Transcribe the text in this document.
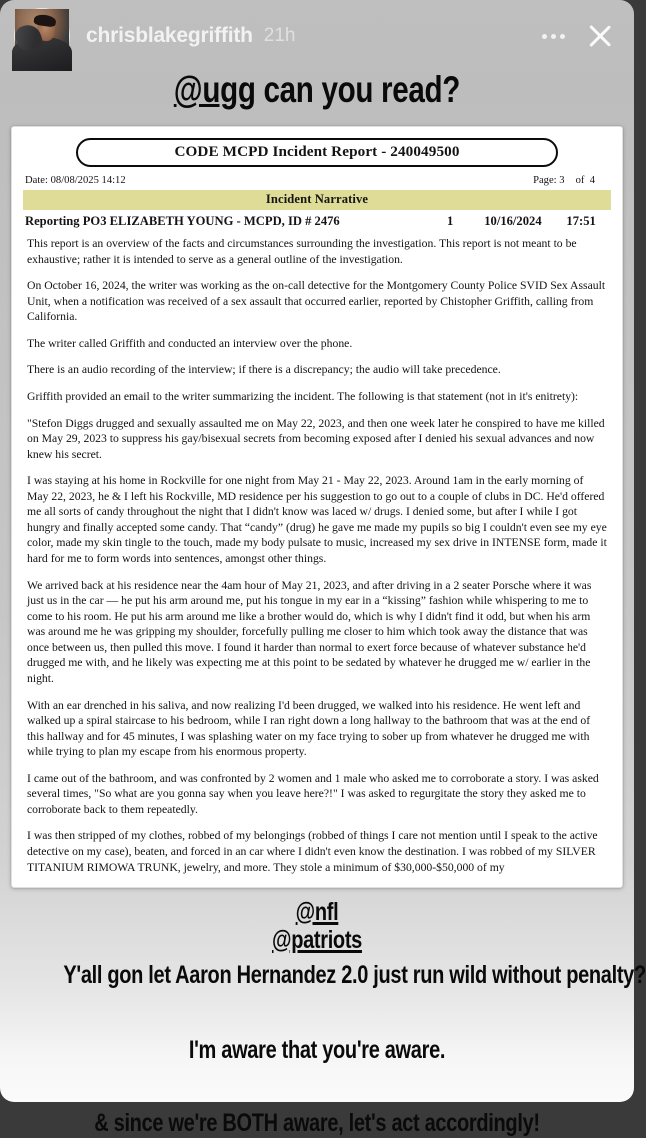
chrisblakegriffith 21h
@ugg can you read?
CODE MCPD Incident Report - 240049500
Date: 08/08/2025 14:12	Page: 3 of 4
Incident Narrative
Reporting PO3 ELIZABETH YOUNG - MCPD, ID # 2476	1	10/16/2024	17:51

This report is an overview of the facts and circumstances surrounding the investigation. This report is not meant to be exhaustive; rather it is intended to serve as a general outline of the investigation.

On October 16, 2024, the writer was working as the on-call detective for the Montgomery County Police SVID Sex Assault Unit, when a notification was received of a sex assault that occurred earlier, reported by Chistopher Griffith, calling from California.

The writer called Griffith and conducted an interview over the phone.

There is an audio recording of the interview; if there is a discrepancy; the audio will take precedence.

Griffith provided an email to the writer summarizing the incident. The following is that statement (not in it's enitrety):

"Stefon Diggs drugged and sexually assaulted me on May 22, 2023, and then one week later he conspired to have me killed on May 29, 2023 to suppress his gay/bisexual secrets from becoming exposed after I denied his sexual advances and now knew his secret.

I was staying at his home in Rockville for one night from May 21 - May 22, 2023. Around 1am in the early morning of May 22, 2023, he & I left his Rockville, MD residence per his suggestion to go out to a couple of clubs in DC. He'd offered me all sorts of candy throughout the night that I didn't know was laced w/ drugs. I denied some, but after I while I got hungry and finally accepted some candy. That “candy” (drug) he gave me made my pupils so big I couldn't even see my eye color, made my skin tingle to the touch, made my body pulsate to music, increased my sex drive in INTENSE form, made it hard for me to form words into sentences, amongst other things.

We arrived back at his residence near the 4am hour of May 21, 2023, and after driving in a 2 seater Porsche where it was just us in the car — he put his arm around me, put his tongue in my ear in a “kissing” fashion while whispering to me to come to his room. He put his arm around me like a brother would do, which is why I didn't find it odd, but when his arm was around me he was gripping my shoulder, forcefully pulling me closer to him which took away the distance that was once between us, then pulled this move. I found it harder than normal to exert force because of whatever substance he'd drugged me with, and he likely was expecting me at this point to be sedated by whatever he drugged me w/ earlier in the night.

With an ear drenched in his saliva, and now realizing I'd been drugged, we walked into his residence. He went left and walked up a spiral staircase to his bedroom, while I ran right down a long hallway to the bathroom that was at the end of this hallway and for 45 minutes, I was splashing water on my face trying to sober up from whatever he drugged me with while trying to plan my escape from his enormous property.

I came out of the bathroom, and was confronted by 2 women and 1 male who asked me to corroborate a story. I was asked several times, "So what are you gonna say when you leave here?!" I was asked to regurgitate the story they asked me to corroborate back to them repeatedly.

I was then stripped of my clothes, robbed of my belongings (robbed of things I care not mention until I speak to the active detective on my case), beaten, and forced in an car where I didn't even know the destination. I was robbed of my SILVER TITANIUM RIMOWA TRUNK, jewelry, and more. They stole a minimum of $30,000-$50,000 of my

@nfl
@patriots
Y'all gon let Aaron Hernandez 2.0 just run wild without penalty?
I'm aware that you're aware.
& since we're BOTH aware, let's act accordingly!
